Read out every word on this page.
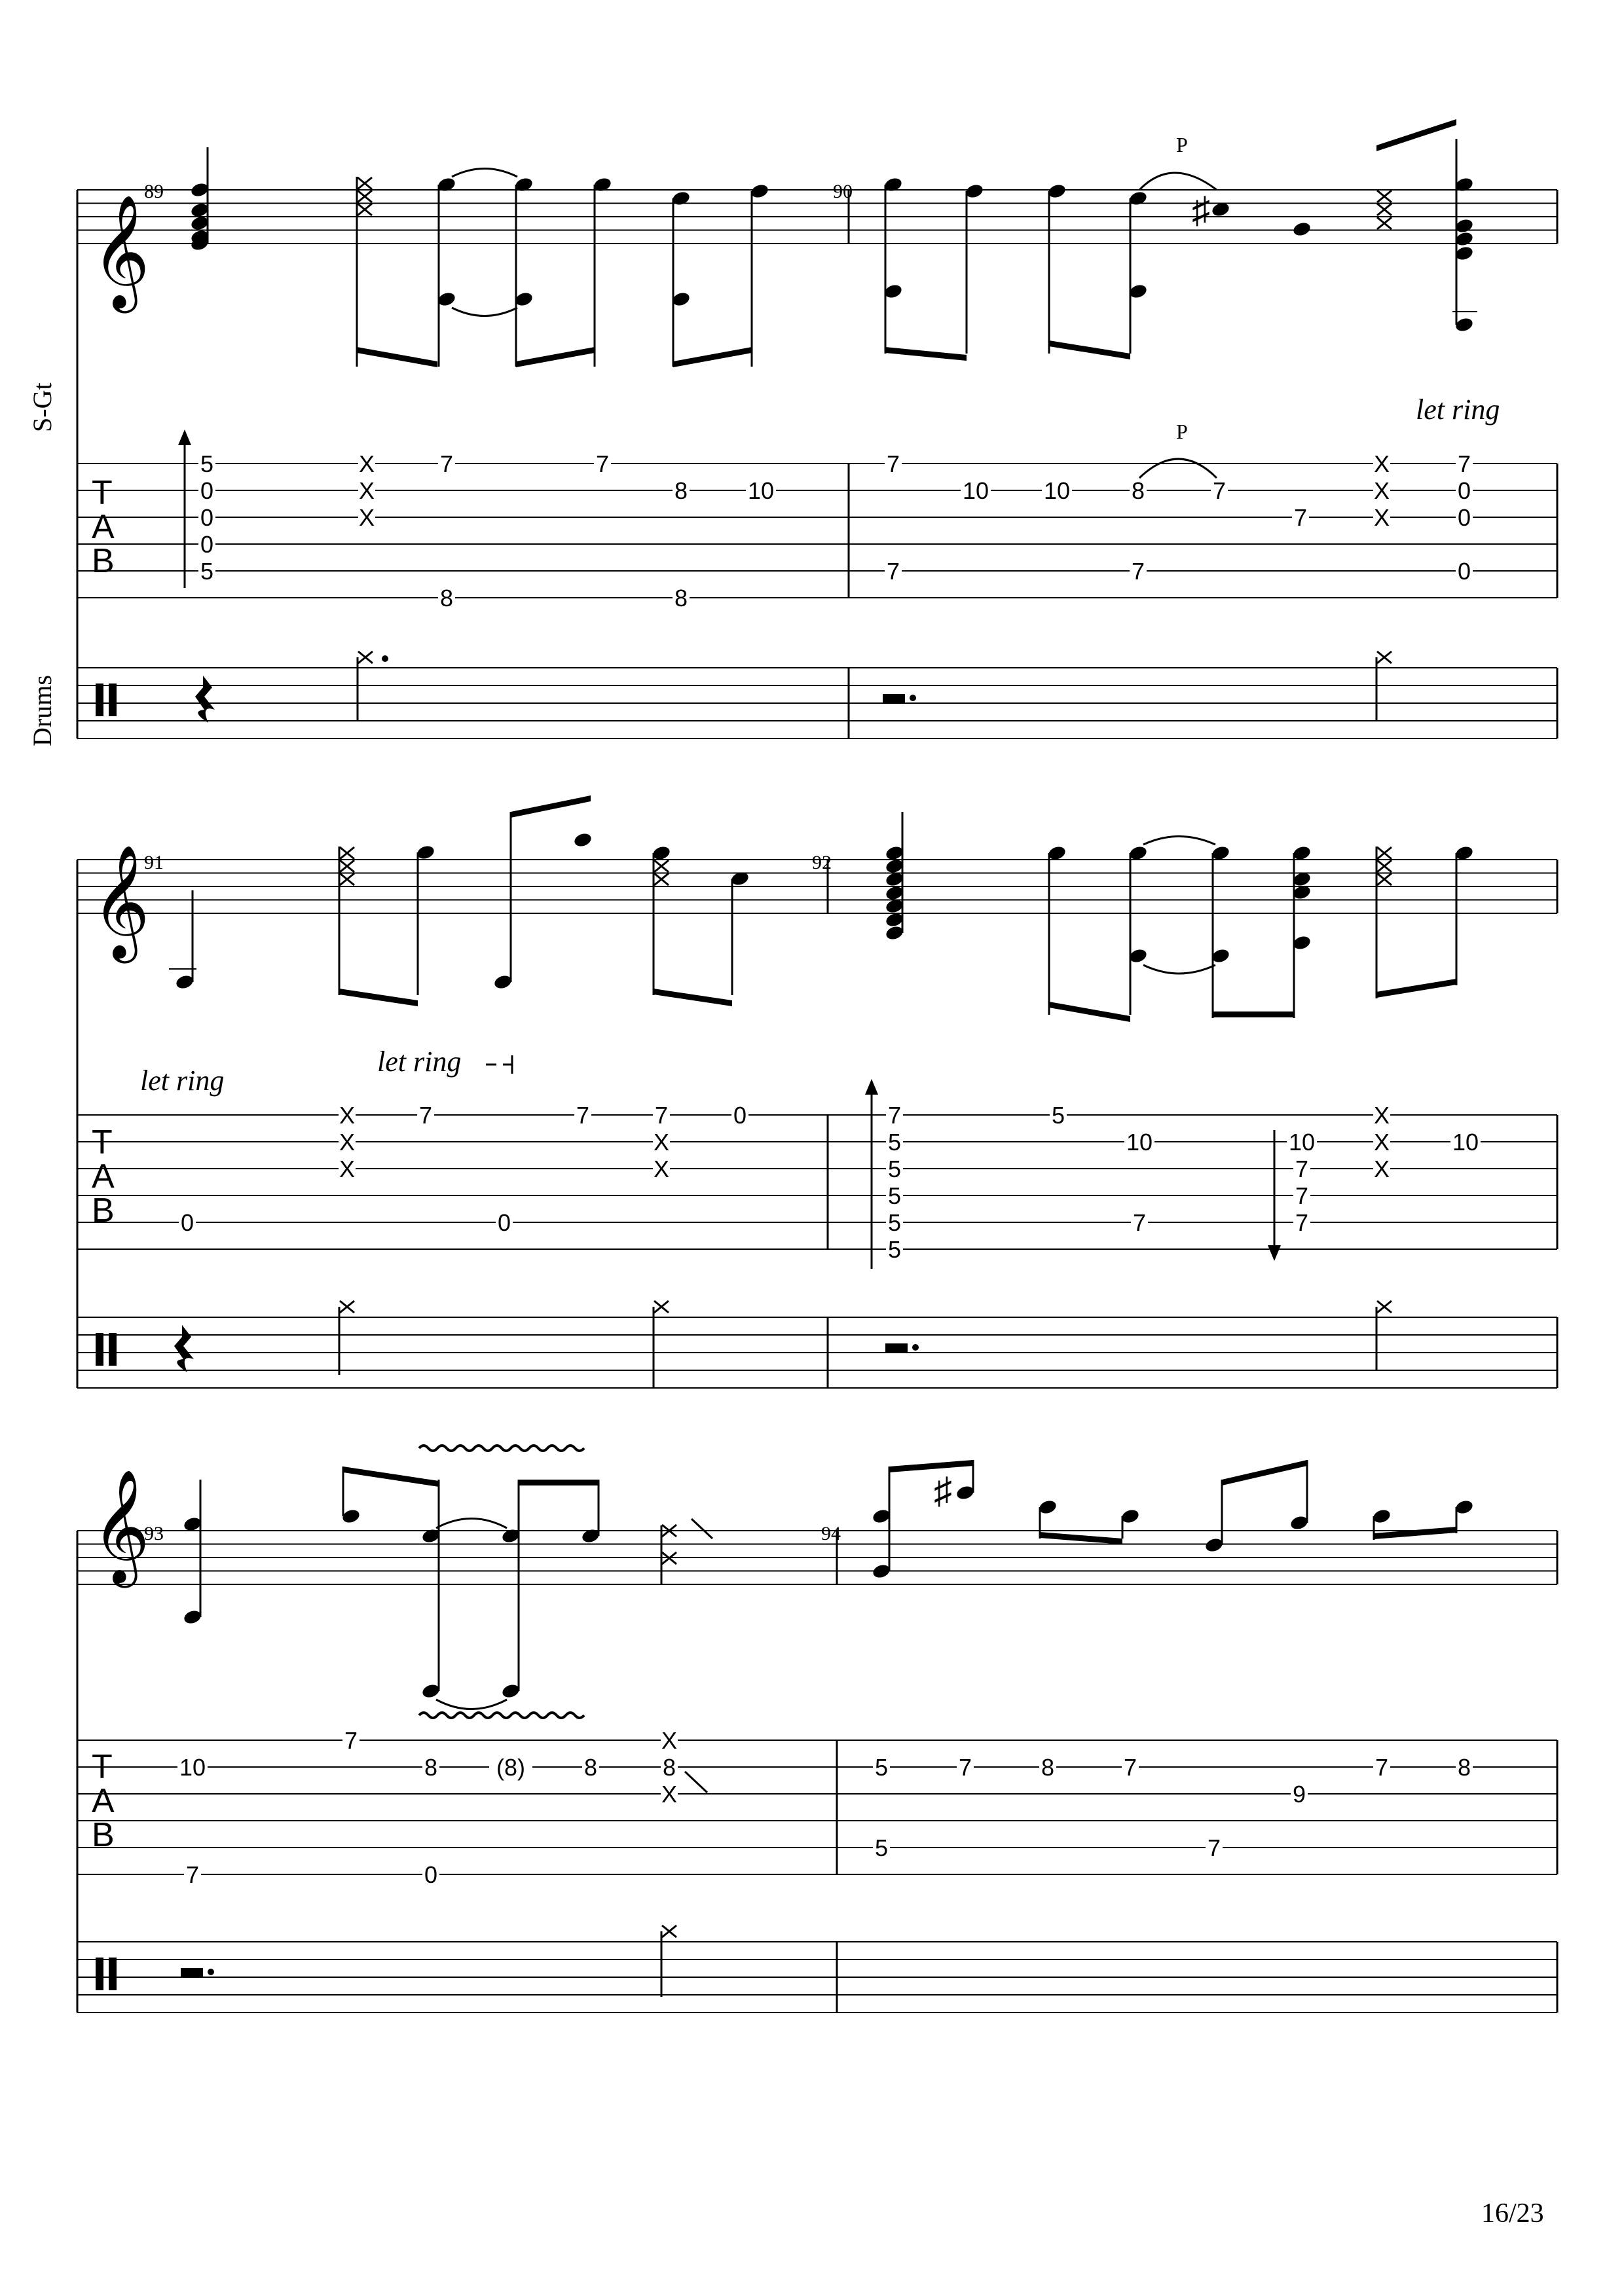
S-Gt
Drums
𝄞
𝄞
𝄞
T
A
B
T
A
B
T
A
B
89	90
91	92
93	94
♯
♯
P
P
let ring
let ring
let ring
5
0
0
0
5
X
X
X
7
8
7
8
8
10
7
7
10 10	8
7
7
7
X
X
X
7
0
0
0
0
X
X
X
7
0
7	7
X
X
0	7
5
5
5
5
5
5
10
7
10
7
7
7
X
X
X
10
10
7
7
8
0
(8) 8
X
8
X
5
5
7	8	7
7
9
7	8
16/23
